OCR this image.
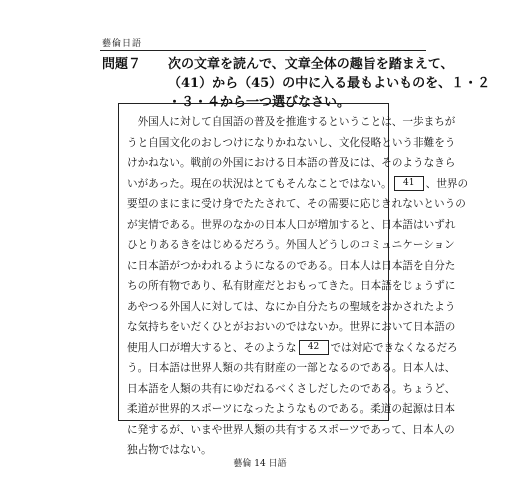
藝倫日語
問題７ 次の文章を読んで、文章全体の趣旨を踏まえて、
（41）から（45）の中に入る最もよいものを、１・２
・３・４から一つ選びなさい。
外国人に対して自国語の普及を推進するということは、一歩まちが
うと自国文化のおしつけになりかねないし、文化侵略という非難をう
けかねない。戦前の外国における日本語の普及には、そのようなきら
いがあった。現在の状況はとてもそんなことではない。 41 、世界の
要望のまにまに受け身でたたされて、その需要に応じきれないというの
が実情である。世界のなかの日本人口が増加すると、日本語はいずれ
ひとりあるきをはじめるだろう。外国人どうしのコミュニケーション
に日本語がつかわれるようになるのである。日本人は日本語を自分た
ちの所有物であり、私有財産だとおもってきた。日本語をじょうずに
あやつる外国人に対しては、なにか自分たちの聖域をおかされたよう
な気持ちをいだくひとがおおいのではないか。世界において日本語の
使用人口が増大すると、そのような 42 では対応できなくなるだろ
う。日本語は世界人類の共有財産の一部となるのである。日本人は、
日本語を人類の共有にゆだねるべくさしだしたのである。ちょうど、
柔道が世界的スポーツになったようなものである。柔道の起源は日本
に発するが、いまや世界人類の共有するスポーツであって、日本人の
独占物ではない。
藝倫 14 日語
